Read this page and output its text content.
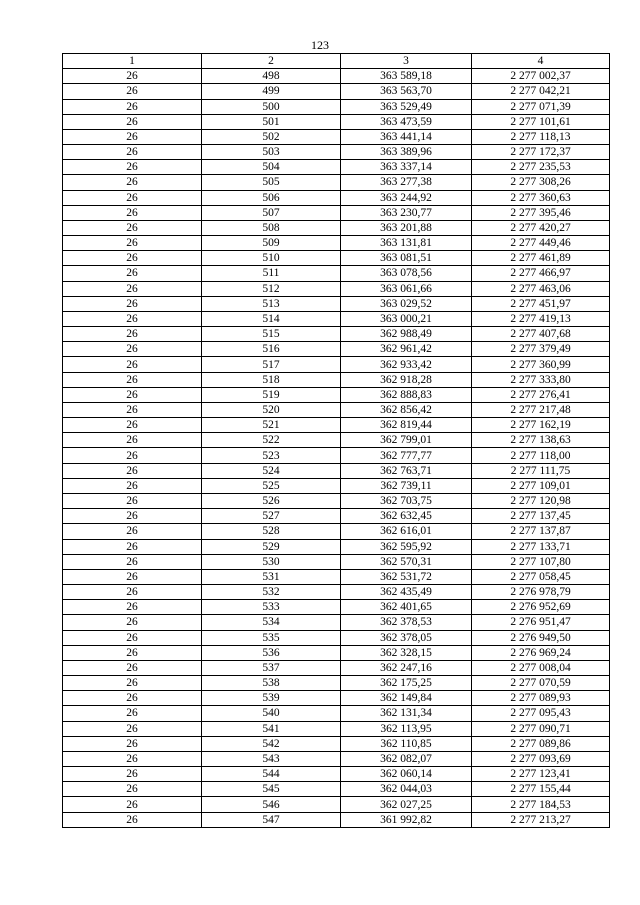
123
1	2	3	4
26	498	363 589,18	2 277 002,37
26	499	363 563,70	2 277 042,21
26	500	363 529,49	2 277 071,39
26	501	363 473,59	2 277 101,61
26	502	363 441,14	2 277 118,13
26	503	363 389,96	2 277 172,37
26	504	363 337,14	2 277 235,53
26	505	363 277,38	2 277 308,26
26	506	363 244,92	2 277 360,63
26	507	363 230,77	2 277 395,46
26	508	363 201,88	2 277 420,27
26	509	363 131,81	2 277 449,46
26	510	363 081,51	2 277 461,89
26	511	363 078,56	2 277 466,97
26	512	363 061,66	2 277 463,06
26	513	363 029,52	2 277 451,97
26	514	363 000,21	2 277 419,13
26	515	362 988,49	2 277 407,68
26	516	362 961,42	2 277 379,49
26	517	362 933,42	2 277 360,99
26	518	362 918,28	2 277 333,80
26	519	362 888,83	2 277 276,41
26	520	362 856,42	2 277 217,48
26	521	362 819,44	2 277 162,19
26	522	362 799,01	2 277 138,63
26	523	362 777,77	2 277 118,00
26	524	362 763,71	2 277 111,75
26	525	362 739,11	2 277 109,01
26	526	362 703,75	2 277 120,98
26	527	362 632,45	2 277 137,45
26	528	362 616,01	2 277 137,87
26	529	362 595,92	2 277 133,71
26	530	362 570,31	2 277 107,80
26	531	362 531,72	2 277 058,45
26	532	362 435,49	2 276 978,79
26	533	362 401,65	2 276 952,69
26	534	362 378,53	2 276 951,47
26	535	362 378,05	2 276 949,50
26	536	362 328,15	2 276 969,24
26	537	362 247,16	2 277 008,04
26	538	362 175,25	2 277 070,59
26	539	362 149,84	2 277 089,93
26	540	362 131,34	2 277 095,43
26	541	362 113,95	2 277 090,71
26	542	362 110,85	2 277 089,86
26	543	362 082,07	2 277 093,69
26	544	362 060,14	2 277 123,41
26	545	362 044,03	2 277 155,44
26	546	362 027,25	2 277 184,53
26	547	361 992,82	2 277 213,27
